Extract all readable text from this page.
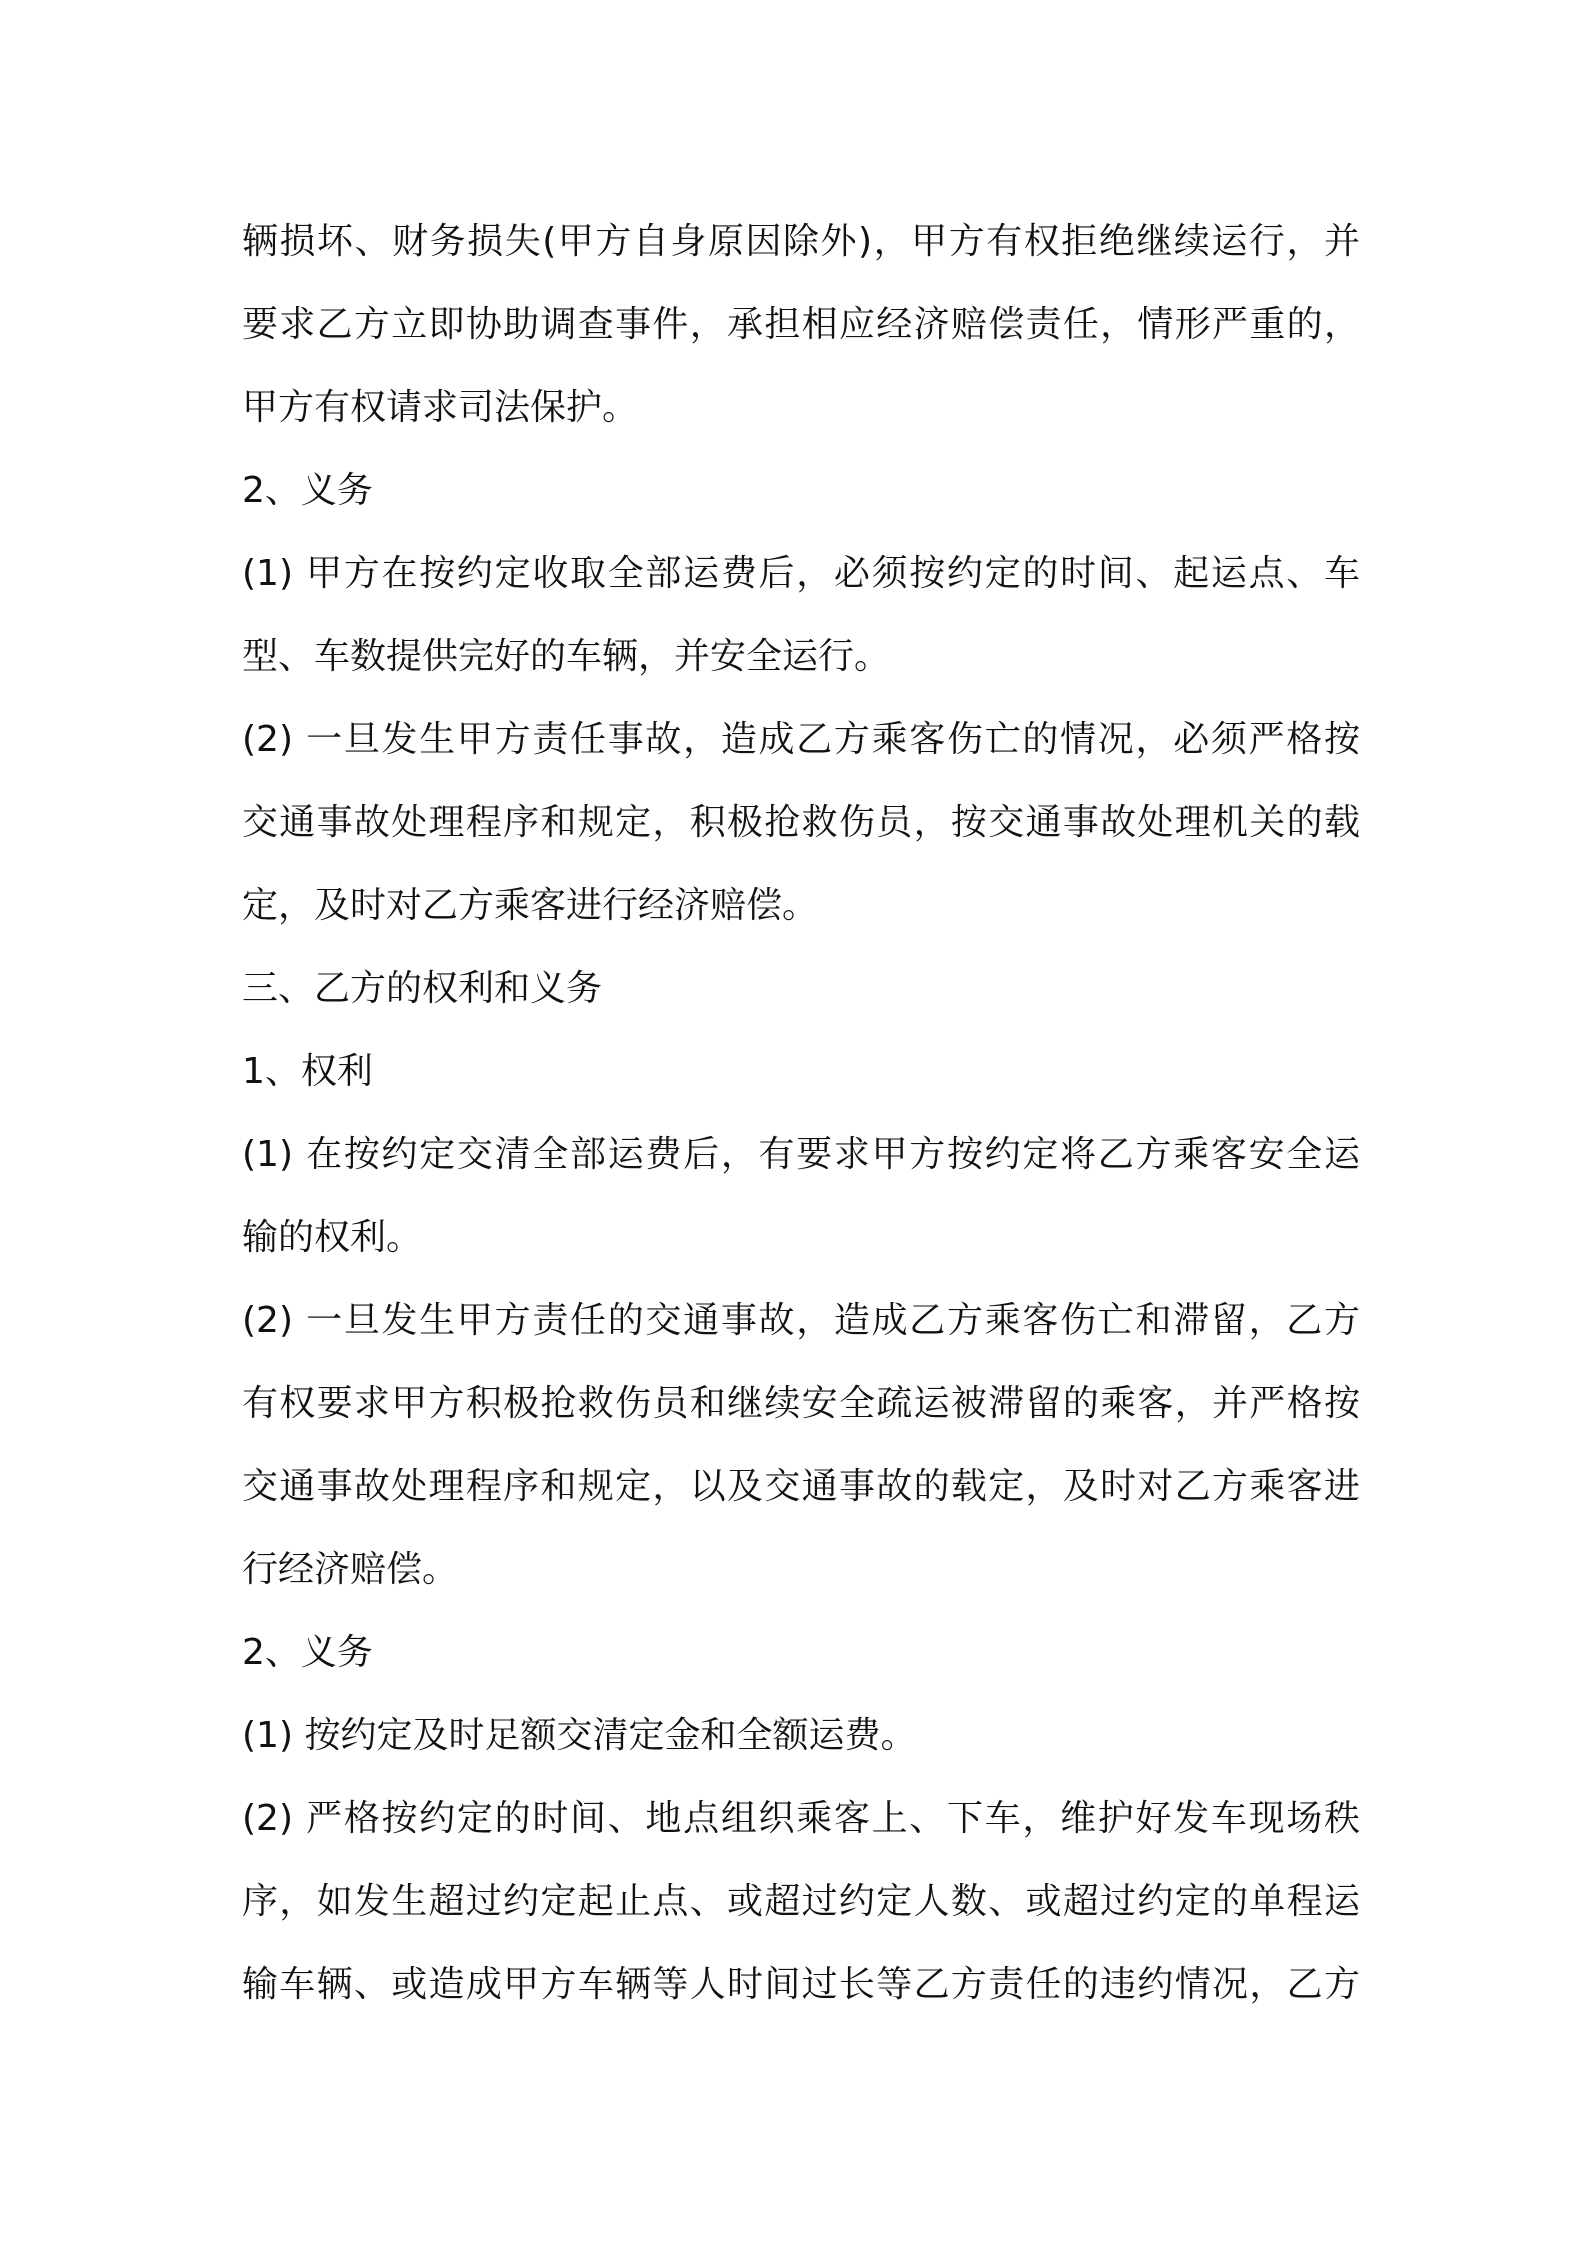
辆损坏、财务损失(甲方自身原因除外)，甲方有权拒绝继续运行，并
要求乙方立即协助调查事件，承担相应经济赔偿责任，情形严重的，
甲方有权请求司法保护。
2、义务
(1) 甲方在按约定收取全部运费后，必须按约定的时间、起运点、车
型、车数提供完好的车辆，并安全运行。
(2) 一旦发生甲方责任事故，造成乙方乘客伤亡的情况，必须严格按
交通事故处理程序和规定，积极抢救伤员，按交通事故处理机关的载
定，及时对乙方乘客进行经济赔偿。
三、乙方的权利和义务
1、权利
(1) 在按约定交清全部运费后，有要求甲方按约定将乙方乘客安全运
输的权利。
(2) 一旦发生甲方责任的交通事故，造成乙方乘客伤亡和滞留，乙方
有权要求甲方积极抢救伤员和继续安全疏运被滞留的乘客，并严格按
交通事故处理程序和规定，以及交通事故的载定，及时对乙方乘客进
行经济赔偿。
2、义务
(1) 按约定及时足额交清定金和全额运费。
(2) 严格按约定的时间、地点组织乘客上、下车，维护好发车现场秩
序，如发生超过约定起止点、或超过约定人数、或超过约定的单程运
输车辆、或造成甲方车辆等人时间过长等乙方责任的违约情况，乙方
